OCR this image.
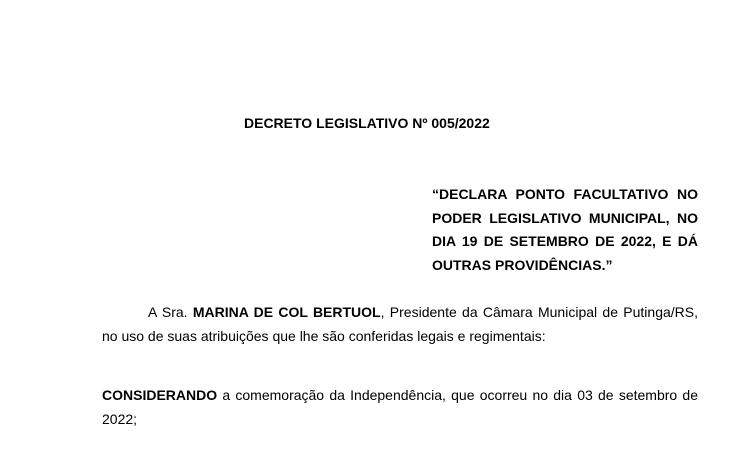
DECRETO LEGISLATIVO Nº 005/2022
“DECLARA PONTO FACULTATIVO NO
PODER LEGISLATIVO MUNICIPAL, NO
DIA 19 DE SETEMBRO DE 2022, E DÁ
OUTRAS PROVIDÊNCIAS.”
A Sra. MARINA DE COL BERTUOL, Presidente da Câmara Municipal de Putinga/RS,
no uso de suas atribuições que lhe são conferidas legais e regimentais:
CONSIDERANDO a comemoração da Independência, que ocorreu no dia 03 de setembro de
2022;
